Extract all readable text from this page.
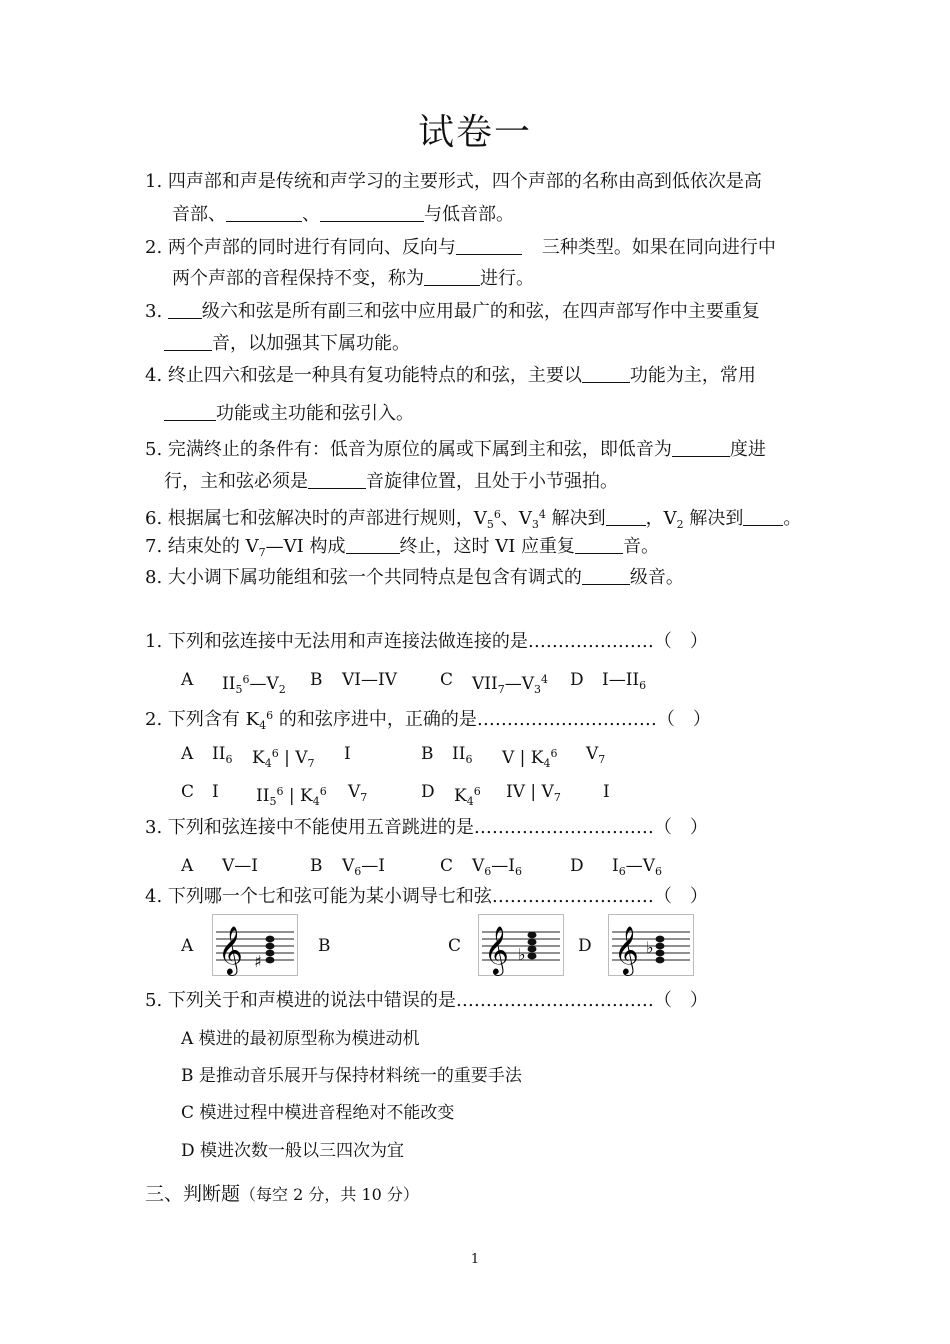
试卷一
1. 四声部和声是传统和声学习的主要形式，四个声部的名称由高到低依次是高
音部、	、	与低音部。
2. 两个声部的同时进行有同向、反向与	三种类型。如果在同向进行中
两个声部的音程保持不变，称为	进行。
3. 级六和弦是所有副三和弦中应用最广的和弦，在四声部写作中主要重复
音，以加强其下属功能。
4. 终止四六和弦是一种具有复功能特点的和弦，主要以	功能为主，常用
功能或主功能和弦引入。
5. 完满终止的条件有：低音为原位的属或下属到主和弦，即低音为	度进
行，主和弦必须是	音旋律位置，且处于小节强拍。
6. 根据属七和弦解决时的声部进行规则，$V_5^6$、$V_3^4$ 解决到 ，$V_2$ 解决到 。
7. 结束处的 $V_7—VI$ 构成	终止，这时 VI 应重复	音。
8. 大小调下属功能组和弦一个共同特点是包含有调式的	级音。
1. 下列和弦连接中无法用和声连接法做连接的是…………………（　）
A $II_5^6—V_2$ B VI—IV	C $VII_7—V_3^4$ D $I—II_6$
2. 下列含有 $K_4^6$ 的和弦序进中，正确的是…………………………（　）
A $II_6$ $K_4^6$ | $V_7$ I	B $II_6$ V | $K_4^6$ $V_7$
C I $II_5^6$ | $K_4^6$ $V_7$	D $K_4^6$ IV | $V_7$ I
3. 下列和弦连接中不能使用五音跳进的是…………………………（　）
A V—I	B $V_6—I$	C $V_6—I_6$	D $I_6—V_6$
4. 下列哪一个七和弦可能为某小调导七和弦………………………（　）
A 𝄞 ♯
B	C 𝄞 ♭	D 𝄞 ♭
5. 下列关于和声模进的说法中错误的是……………………………（　）
A 模进的最初原型称为模进动机
B 是推动音乐展开与保持材料统一的重要手法
C 模进过程中模进音程绝对不能改变
D 模进次数一般以三四次为宜
三、判断题（每空 2 分，共 10 分）
1
